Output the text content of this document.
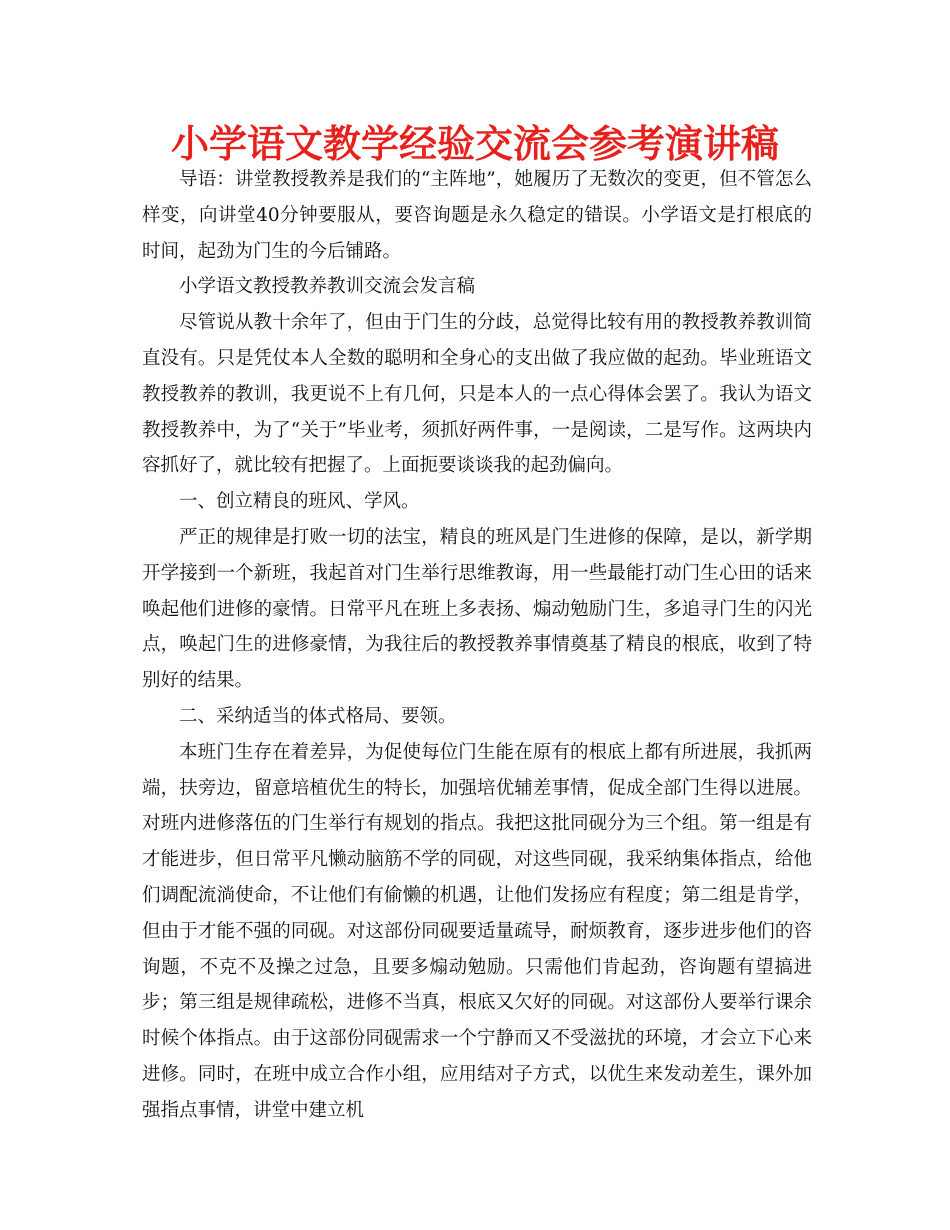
小学语文教学经验交流会参考演讲稿

导语：讲堂教授教养是我们的“主阵地”，她履历了无数次的变更，但不管怎么样变，向讲堂40分钟要服从，要咨询题是永久稳定的错误。小学语文是打根底的时间，起劲为门生的今后铺路。

小学语文教授教养教训交流会发言稿

尽管说从教十余年了，但由于门生的分歧，总觉得比较有用的教授教养教训简直没有。只是凭仗本人全数的聪明和全身心的支出做了我应做的起劲。毕业班语文教授教养的教训，我更说不上有几何，只是本人的一点心得体会罢了。我认为语文教授教养中，为了“关于”毕业考，须抓好两件事，一是阅读，二是写作。这两块内容抓好了，就比较有把握了。上面扼要谈谈我的起劲偏向。

一、创立精良的班风、学风。

严正的规律是打败一切的法宝，精良的班风是门生进修的保障，是以，新学期开学接到一个新班，我起首对门生举行思维教诲，用一些最能打动门生心田的话来唤起他们进修的豪情。日常平凡在班上多表扬、煽动勉励门生，多追寻门生的闪光点，唤起门生的进修豪情，为我往后的教授教养事情奠基了精良的根底，收到了特别好的结果。

二、采纳适当的体式格局、要领。

本班门生存在着差异，为促使每位门生能在原有的根底上都有所进展，我抓两端，扶旁边，留意培植优生的特长，加强培优辅差事情，促成全部门生得以进展。对班内进修落伍的门生举行有规划的指点。我把这批同砚分为三个组。第一组是有才能进步，但日常平凡懒动脑筋不学的同砚，对这些同砚，我采纳集体指点，给他们调配流淌使命，不让他们有偷懒的机遇，让他们发扬应有程度；第二组是肯学，但由于才能不强的同砚。对这部份同砚要适量疏导，耐烦教育，逐步进步他们的咨询题，不克不及操之过急，且要多煽动勉励。只需他们肯起劲，咨询题有望搞进步；第三组是规律疏松，进修不当真，根底又欠好的同砚。对这部份人要举行课余时候个体指点。由于这部份同砚需求一个宁静而又不受滋扰的环境，才会立下心来进修。同时，在班中成立合作小组，应用结对子方式，以优生来发动差生，课外加强指点事情，讲堂中建立机
